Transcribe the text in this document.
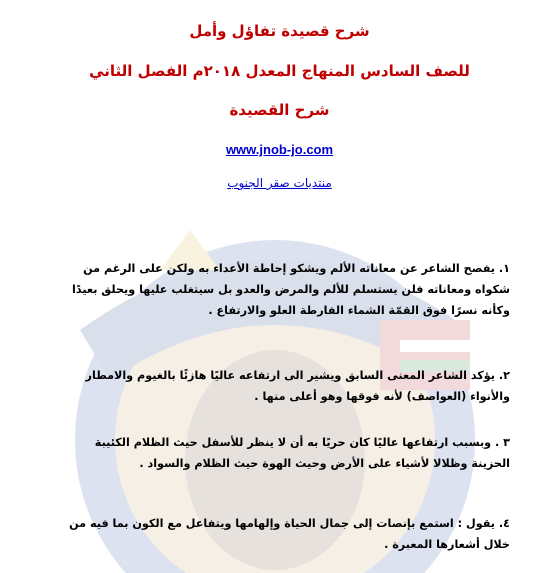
شرح قصيدة تفاؤل وأمل
للصف السادس المنهاج المعدل ٢٠١٨م الفصل الثاني
شرح القصيدة
www.jnob-jo.com
منتديات صقر الجنوب

١. يفصح الشاعر عن معاناته الألم ويشكو إحاطة الأعداء به ولكن على الرغم من شكواه ومعاناته فلن يستسلم للألم والمرض والعدو بل سيتغلب عليها ويحلق بعيدًا وكأنه نسرًا فوق القمّة الشماء الفارطة العلو والارتفاع .

٢. يؤكد الشاعر المعنى السابق ويشير الى ارتفاعه عاليًا هازئًا بالغيوم والامطار والأنواء (العواصف) لأنه فوقها وهو أعلى منها .

٣ . وبسبب ارتفاعها عاليًا كان حريًا به أن لا ينظر للأسفل حيث الظلام الكئيبة الحزينة وظلالا لأشياء على الأرض وحيث الهوة حيث الظلام والسواد .

٤. يقول : استمع بإنصات إلى جمال الحياة وإلهامها ويتفاعل مع الكون بما فيه من خلال أشعارها المعبرة .
